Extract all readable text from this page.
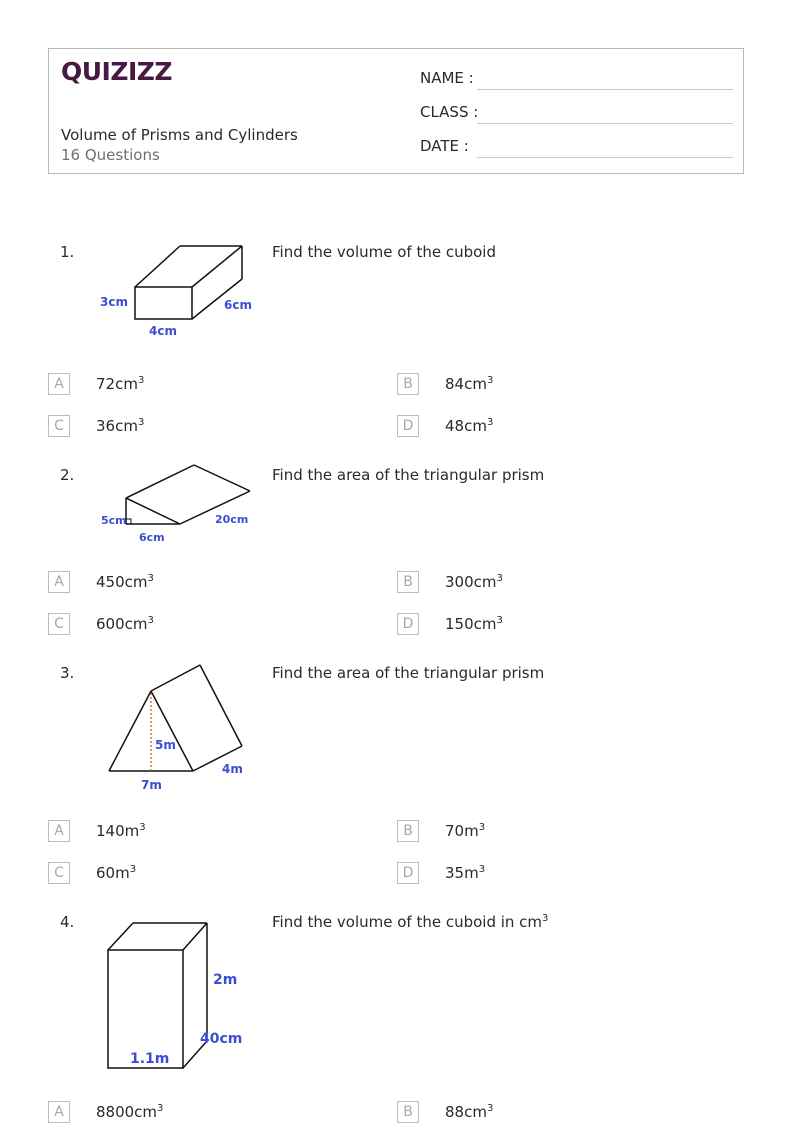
QUIZIZZ
Volume of Prisms and Cylinders
16 Questions
NAME :
CLASS :
DATE :
1.
3cm
4cm
6cm
Find the volume of the cuboid
A	$72cm^3$	B	$84cm^3$
C	$36cm^3$	D	$48cm^3$
2.
5cm
6cm
20cm
Find the area of the triangular prism
A	$450cm^3$	B	$300cm^3$
C	$600cm^3$	D	$150cm^3$
3.
5m
7m
4m
Find the area of the triangular prism
A	$140m^3$	B	$70m^3$
C	$60m^3$	D	$35m^3$
4.
2m
40cm
1.1m
Find the volume of the cuboid in $cm^3$
A	$8800cm^3$	B	$88cm^3$
